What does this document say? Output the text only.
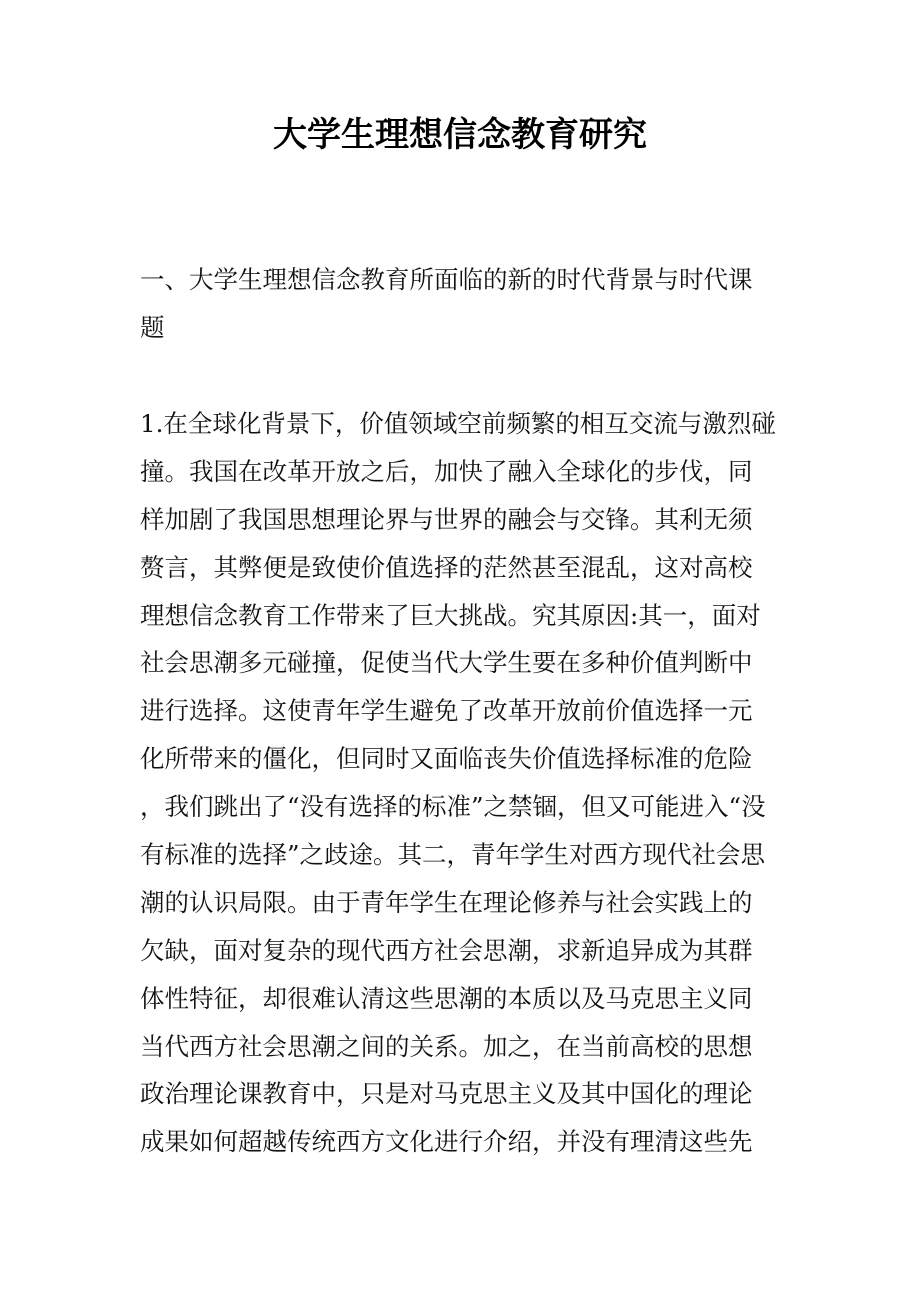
大学生理想信念教育研究
一、大学生理想信念教育所面临的新的时代背景与时代课
题
1.在全球化背景下，价值领域空前频繁的相互交流与激烈碰
撞。我国在改革开放之后，加快了融入全球化的步伐，同
样加剧了我国思想理论界与世界的融会与交锋。其利无须
赘言，其弊便是致使价值选择的茫然甚至混乱，这对高校
理想信念教育工作带来了巨大挑战。究其原因:其一，面对
社会思潮多元碰撞，促使当代大学生要在多种价值判断中
进行选择。这使青年学生避免了改革开放前价值选择一元
化所带来的僵化，但同时又面临丧失价值选择标准的危险
，我们跳出了“没有选择的标准”之禁锢，但又可能进入“没
有标准的选择”之歧途。其二，青年学生对西方现代社会思
潮的认识局限。由于青年学生在理论修养与社会实践上的
欠缺，面对复杂的现代西方社会思潮，求新追异成为其群
体性特征，却很难认清这些思潮的本质以及马克思主义同
当代西方社会思潮之间的关系。加之，在当前高校的思想
政治理论课教育中，只是对马克思主义及其中国化的理论
成果如何超越传统西方文化进行介绍，并没有理清这些先
